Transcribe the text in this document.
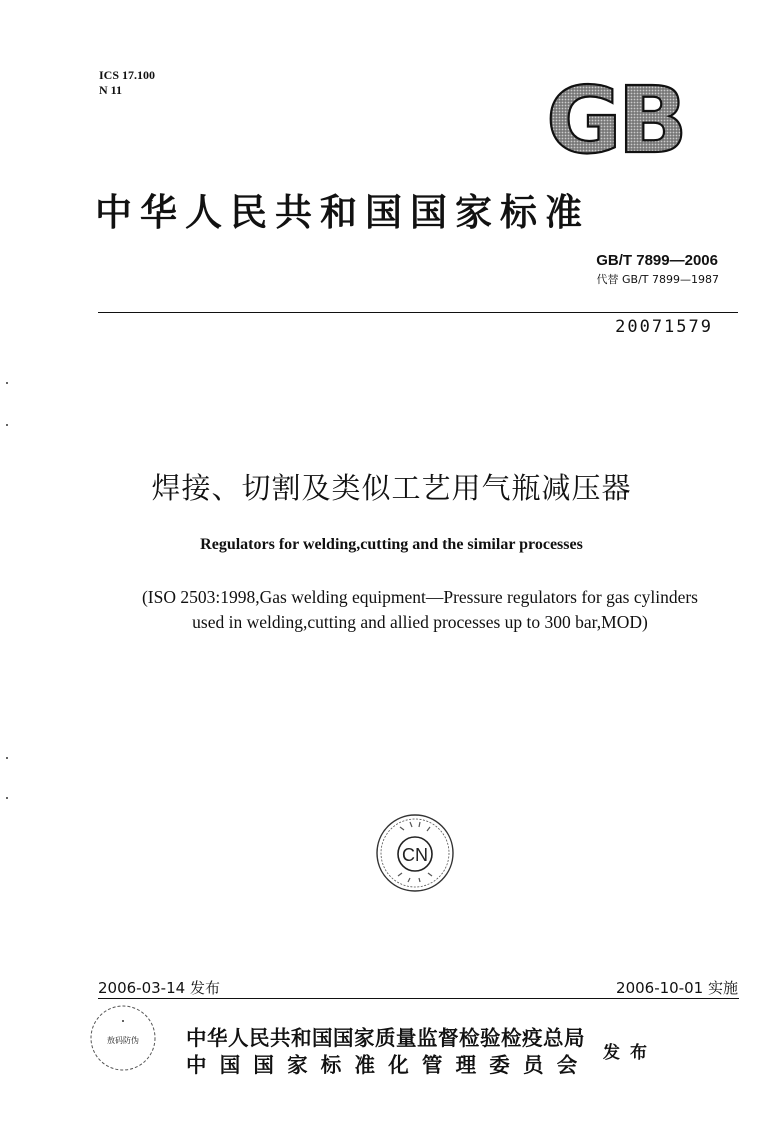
ICS 17.100
N 11	GB
中华人民共和国国家标准
GB/T 7899—2006
代替 GB/T 7899—1987
20071579
焊接、切割及类似工艺用气瓶减压器
Regulators for welding,cutting and the similar processes
(ISO 2503:1998,Gas welding equipment—Pressure regulators for gas cylinders
used in welding,cutting and allied processes up to 300 bar,MOD)
CN
2006-03-14 发布	2006-10-01 实施
敖码防伪 中华人民共和国国家质量监督检验检疫总局
中国国家标准化管理委员会 发布
